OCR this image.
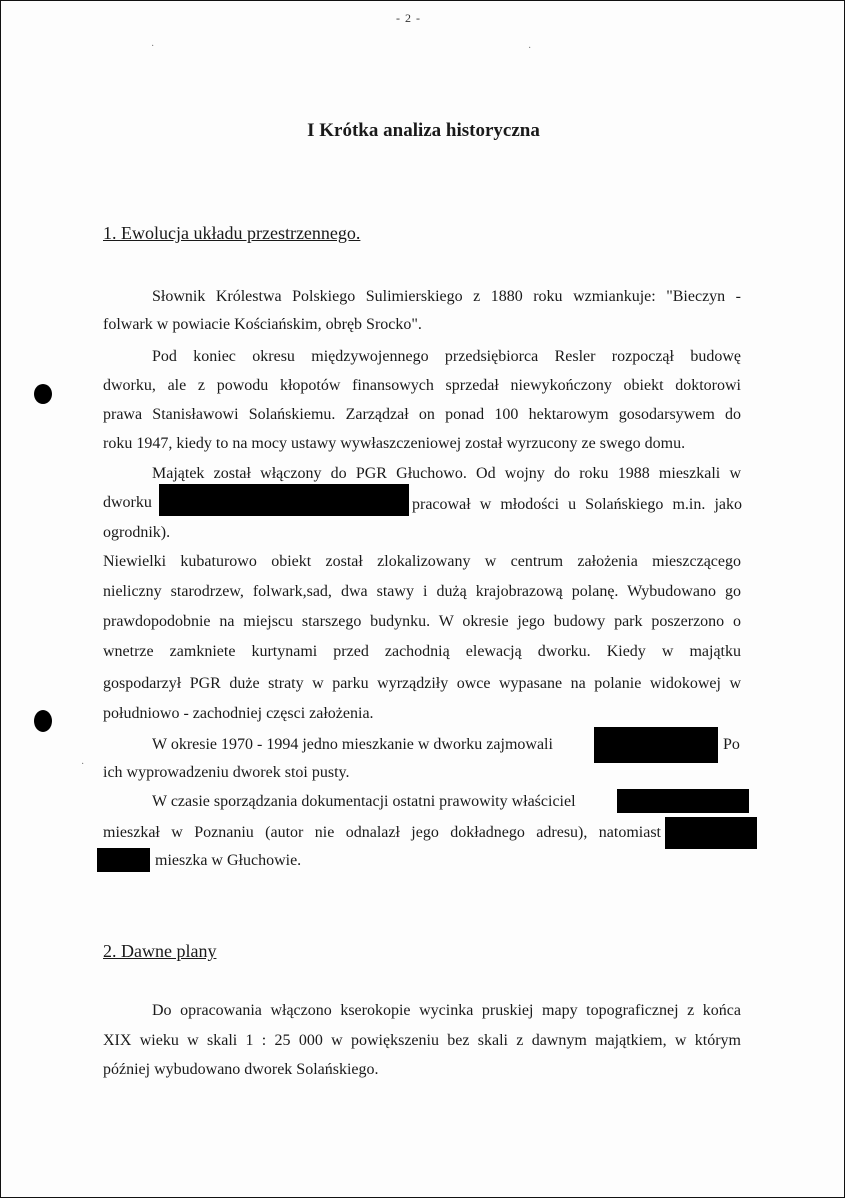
- 2 -
·	·
·
I Krótka analiza historyczna
1. Ewolucja układu przestrzennego.
Słownik Królestwa Polskiego Sulimierskiego z 1880 roku wzmiankuje: "Bieczyn -
folwark w powiacie Kościańskim, obręb Srocko".
Pod koniec okresu międzywojennego przedsiębiorca Resler rozpoczął budowę
dworku, ale z powodu kłopotów finansowych sprzedał niewykończony obiekt doktorowi
prawa Stanisławowi Solańskiemu. Zarządzał on ponad 100 hektarowym gosodarsywem do
roku 1947, kiedy to na mocy ustawy wywłaszczeniowej został wyrzucony ze swego domu.
Majątek został włączony do PGR Głuchowo. Od wojny do roku 1988 mieszkali w
dworku	pracował w młodości u Solańskiego m.in. jako
ogrodnik).
Niewielki kubaturowo obiekt został zlokalizowany w centrum założenia mieszczącego
nieliczny starodrzew, folwark,sad, dwa stawy i dużą krajobrazową polanę. Wybudowano go
prawdopodobnie na miejscu starszego budynku. W okresie jego budowy park poszerzono o
wnetrze zamkniete kurtynami przed zachodnią elewacją dworku. Kiedy w majątku
gospodarzył PGR duże straty w parku wyrządziły owce wypasane na polanie widokowej w
południowo - zachodniej częsci założenia.
W okresie 1970 - 1994 jedno mieszkanie w dworku zajmowali	Po
ich wyprowadzeniu dworek stoi pusty.
W czasie sporządzania dokumentacji ostatni prawowity właściciel
mieszkał w Poznaniu (autor nie odnalazł jego dokładnego adresu), natomiast
mieszka w Głuchowie.
2. Dawne plany
Do opracowania włączono kserokopie wycinka pruskiej mapy topograficznej z końca
XIX wieku w skali 1 : 25 000 w powiększeniu bez skali z dawnym majątkiem, w którym
później wybudowano dworek Solańskiego.
